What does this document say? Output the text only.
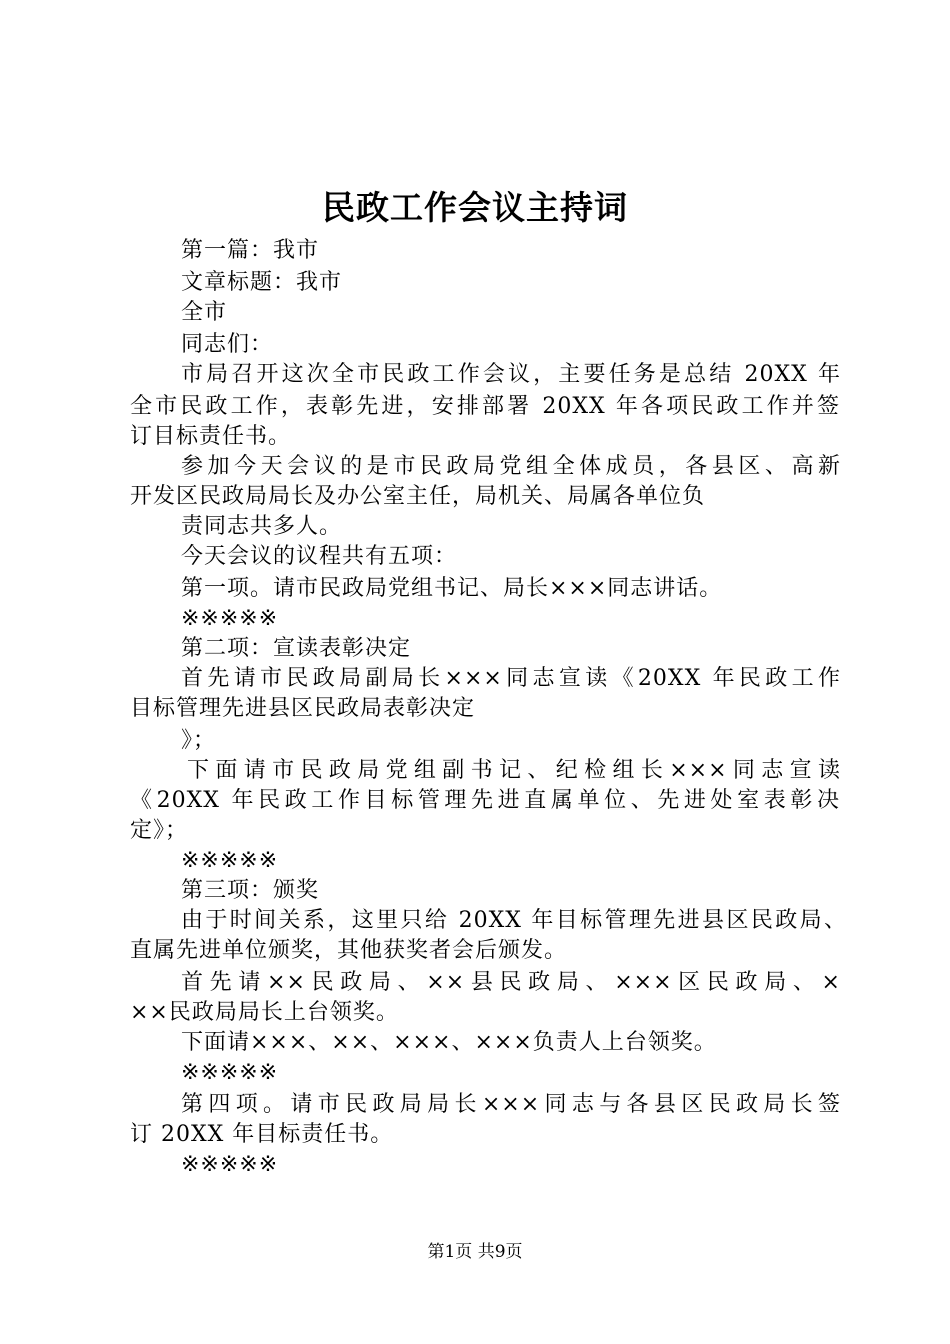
民政工作会议主持词
第一篇：我市
文章标题：我市
全市
同志们：
市局召开这次全市民政工作会议，主要任务是总结 20XX 年
全市民政工作，表彰先进，安排部署 20XX 年各项民政工作并签
订目标责任书。
参加今天会议的是市民政局党组全体成员，各县区、高新
开发区民政局局长及办公室主任，局机关、局属各单位负
责同志共多人。
今天会议的议程共有五项：
第一项。请市民政局党组书记、局长×××同志讲话。
※※※※※
第二项：宣读表彰决定
首先请市民政局副局长×××同志宣读《20XX 年民政工作
目标管理先进县区民政局表彰决定
》；
下面请市民政局党组副书记、纪检组长×××同志宣读
《20XX 年民政工作目标管理先进直属单位、先进处室表彰决
定》；
※※※※※
第三项：颁奖
由于时间关系，这里只给 20XX 年目标管理先进县区民政局、
直属先进单位颁奖，其他获奖者会后颁发。
首先请××民政局、××县民政局、×××区民政局、×
××民政局局长上台领奖。
下面请×××、××、×××、×××负责人上台领奖。
※※※※※
第四项。请市民政局局长×××同志与各县区民政局长签
订 20XX 年目标责任书。
※※※※※
第1页 共9页
